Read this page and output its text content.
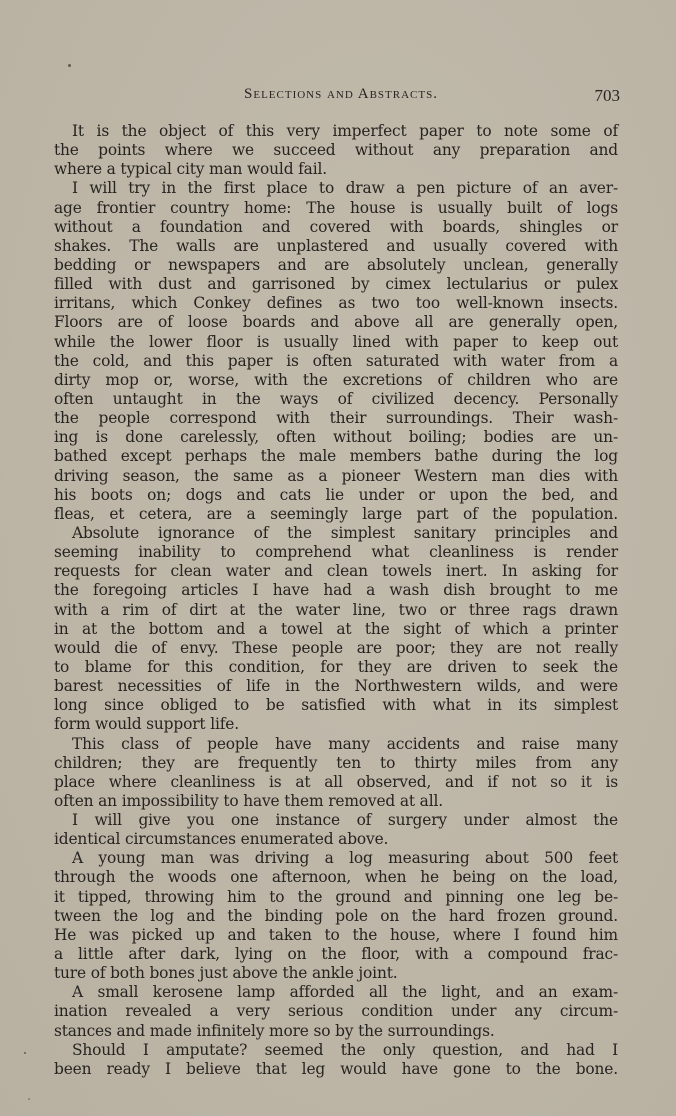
Selections and Abstracts.	703
It is the object of this very imperfect paper to note some of
the points where we succeed without any preparation and
where a typical city man would fail.
I will try in the first place to draw a pen picture of an aver-
age frontier country home: The house is usually built of logs
without a foundation and covered with boards, shingles or
shakes. The walls are unplastered and usually covered with
bedding or newspapers and are absolutely unclean, generally
filled with dust and garrisoned by cimex lectularius or pulex
irritans, which Conkey defines as two too well-known insects.
Floors are of loose boards and above all are generally open,
while the lower floor is usually lined with paper to keep out
the cold, and this paper is often saturated with water from a
dirty mop or, worse, with the excretions of children who are
often untaught in the ways of civilized decency. Personally
the people correspond with their surroundings. Their wash-
ing is done carelessly, often without boiling; bodies are un-
bathed except perhaps the male members bathe during the log
driving season, the same as a pioneer Western man dies with
his boots on; dogs and cats lie under or upon the bed, and
fleas, et cetera, are a seemingly large part of the population.
Absolute ignorance of the simplest sanitary principles and
seeming inability to comprehend what cleanliness is render
requests for clean water and clean towels inert. In asking for
the foregoing articles I have had a wash dish brought to me
with a rim of dirt at the water line, two or three rags drawn
in at the bottom and a towel at the sight of which a printer
would die of envy. These people are poor; they are not really
to blame for this condition, for they are driven to seek the
barest necessities of life in the Northwestern wilds, and were
long since obliged to be satisfied with what in its simplest
form would support life.
This class of people have many accidents and raise many
children; they are frequently ten to thirty miles from any
place where cleanliness is at all observed, and if not so it is
often an impossibility to have them removed at all.
I will give you one instance of surgery under almost the
identical circumstances enumerated above.
A young man was driving a log measuring about 500 feet
through the woods one afternoon, when he being on the load,
it tipped, throwing him to the ground and pinning one leg be-
tween the log and the binding pole on the hard frozen ground.
He was picked up and taken to the house, where I found him
a little after dark, lying on the floor, with a compound frac-
ture of both bones just above the ankle joint.
A small kerosene lamp afforded all the light, and an exam-
ination revealed a very serious condition under any circum-
stances and made infinitely more so by the surroundings.
Should I amputate? seemed the only question, and had I
been ready I believe that leg would have gone to the bone.
